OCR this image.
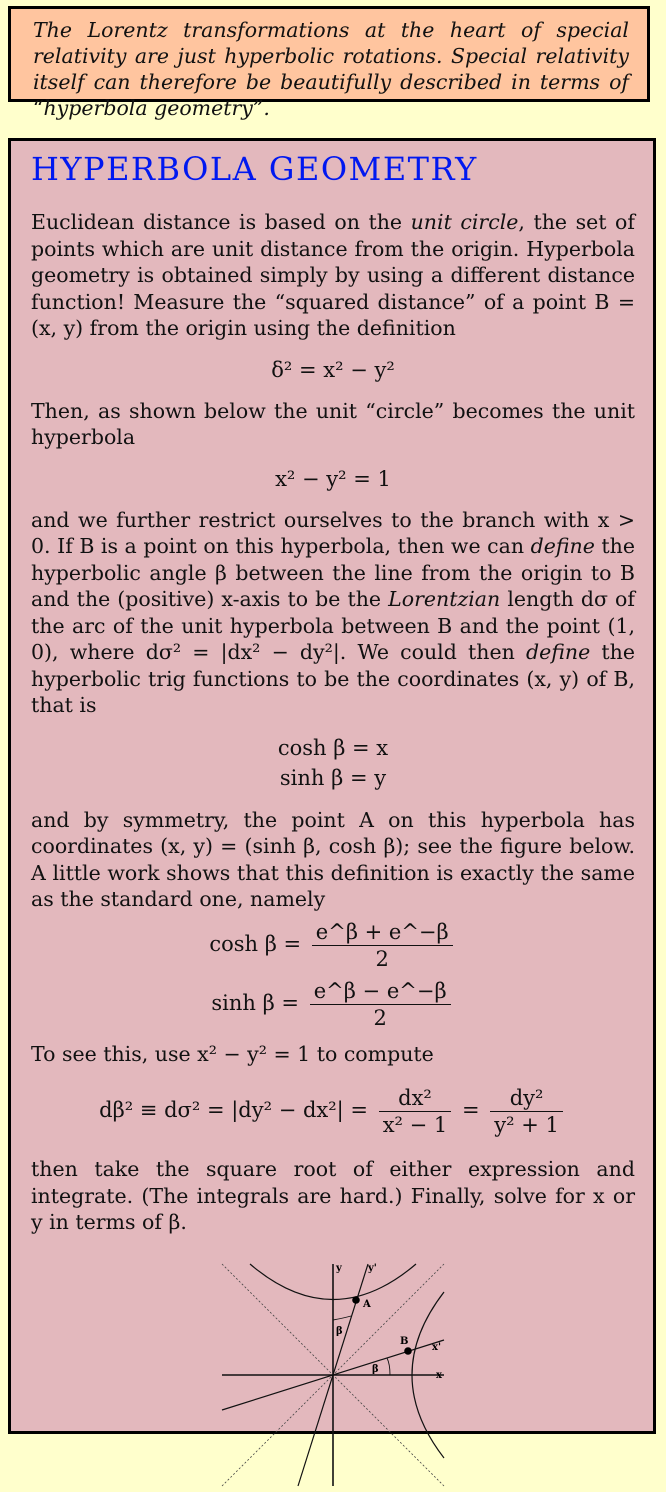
The Lorentz transformations at the heart of special relativity are just hyperbolic rotations. Special relativity itself can therefore be beautifully described in terms of “hyperbola geometry”.
HYPERBOLA GEOMETRY

Euclidean distance is based on the unit circle, the set of points which are unit distance from the origin. Hyperbola geometry is obtained simply by using a different distance function! Measure the “squared distance” of a point B = (x, y) from the origin using the definition

δ² = x² − y²

Then, as shown below the unit “circle” becomes the unit hyperbola

x² − y² = 1

and we further restrict ourselves to the branch with x > 0. If B is a point on this hyperbola, then we can define the hyperbolic angle β between the line from the origin to B and the (positive) x-axis to be the Lorentzian length dσ of the arc of the unit hyperbola between B and the point (1, 0), where dσ² = |dx² − dy²|. We could then define the hyperbolic trig functions to be the coordinates (x, y) of B, that is

cosh β = x
sinh β = y

and by symmetry, the point A on this hyperbola has coordinates (x, y) = (sinh β, cosh β); see the figure below. A little work shows that this definition is exactly the same as the standard one, namely

$\cosh \beta = \frac{e\^{}\beta + e\^{}-\beta}{2}$
$\sinh \beta = \frac{e\^{}\beta - e\^{}-\beta}{2}$

To see this, use x² − y² = 1 to compute

$d\beta^2 \equiv d\sigma^2 = |dy^2 - dx^2| = \frac{\text{dx²}}{\text{x² − 1}} = \frac{\text{dy²}}{\text{y² + 1}}$

then take the square root of either expression and integrate. (The integrals are hard.) Finally, solve for x or y in terms of β.

y	y'
x
x'
A
B
β
β
